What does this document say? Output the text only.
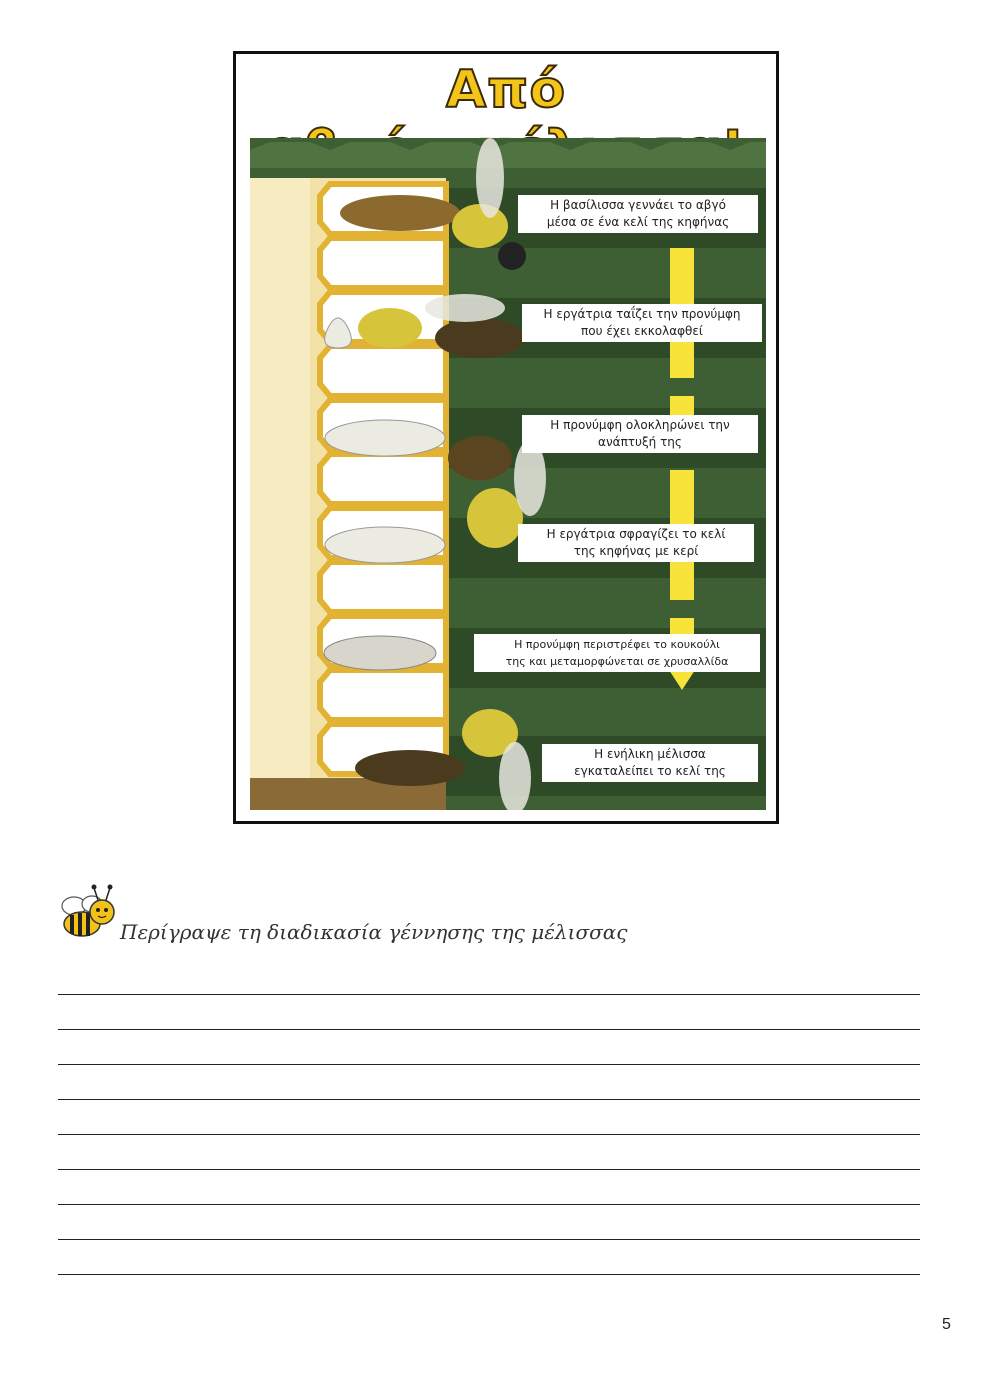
Από
Η βασίλισσα γεννάει το αβγό
μέσα σε ένα κελί της κηφήνας
Η εργάτρια ταΐζει την προνύμφη
που έχει εκκολαφθεί
Η προνύμφη ολοκληρώνει την
ανάπτυξή της
Η εργάτρια σφραγίζει το κελί
της κηφήνας με κερί
Η προνύμφη περιστρέφει το κουκούλι
της και μεταμορφώνεται σε χρυσαλλίδα
Η ενήλικη μέλισσα
εγκαταλείπει το κελί της
Περίγραψε τη διαδικασία γέννησης της μέλισσας
5
